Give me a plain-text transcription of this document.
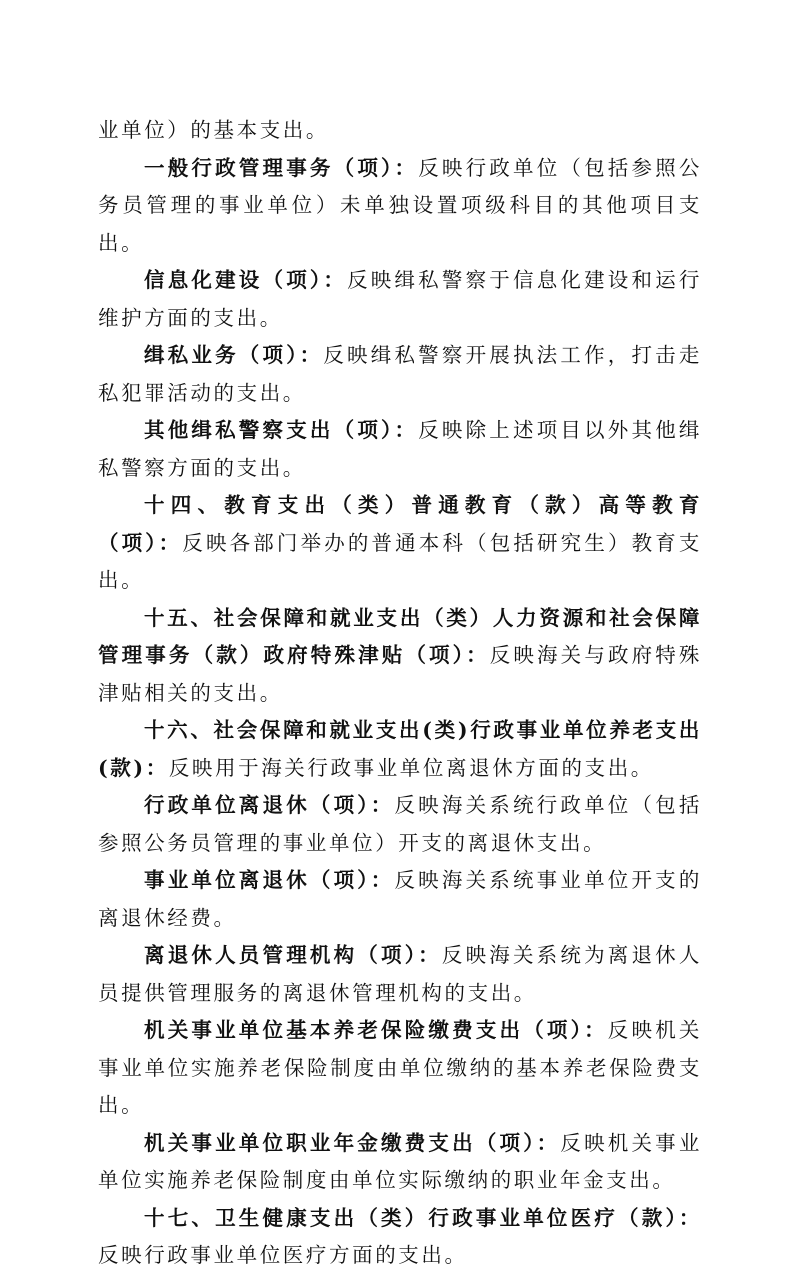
业单位）的基本支出。

一般行政管理事务（项）：反映行政单位（包括参照公务员管理的事业单位）未单独设置项级科目的其他项目支出。

信息化建设（项）：反映缉私警察于信息化建设和运行维护方面的支出。

缉私业务（项）：反映缉私警察开展执法工作，打击走私犯罪活动的支出。

其他缉私警察支出（项）：反映除上述项目以外其他缉私警察方面的支出。

十四、教育支出（类）普通教育（款）高等教育（项）：反映各部门举办的普通本科（包括研究生）教育支出。

十五、社会保障和就业支出（类）人力资源和社会保障管理事务（款）政府特殊津贴（项）：反映海关与政府特殊津贴相关的支出。

十六、社会保障和就业支出(类)行政事业单位养老支出(款)：反映用于海关行政事业单位离退休方面的支出。

行政单位离退休（项）：反映海关系统行政单位（包括参照公务员管理的事业单位）开支的离退休支出。

事业单位离退休（项）：反映海关系统事业单位开支的离退休经费。

离退休人员管理机构（项）：反映海关系统为离退休人员提供管理服务的离退休管理机构的支出。

机关事业单位基本养老保险缴费支出（项）：反映机关事业单位实施养老保险制度由单位缴纳的基本养老保险费支出。

机关事业单位职业年金缴费支出（项）：反映机关事业单位实施养老保险制度由单位实际缴纳的职业年金支出。

十七、卫生健康支出（类）行政事业单位医疗（款）：反映行政事业单位医疗方面的支出。
